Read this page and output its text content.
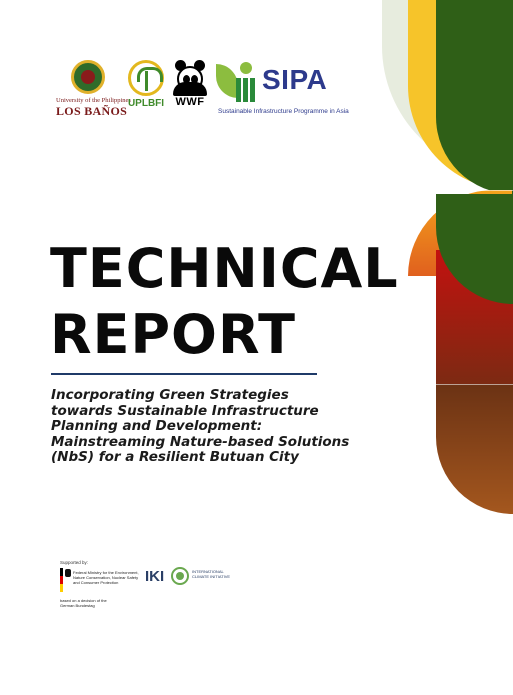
University of the Philippines
LOS BAÑOS
UPLBFI	WWF
SIPA
Sustainable Infrastructure Programme in Asia
TECHNICAL
REPORT
Incorporating Green Strategies towards Sustainable Infrastructure Planning and Development: Mainstreaming Nature-based Solutions (NbS) for a Resilient Butuan City
Supported by:
Federal Ministry for the Environment, Nature Conservation, Nuclear Safety and Consumer Protection
based on a decision of the German Bundestag
IKI	INTERNATIONAL CLIMATE INITIATIVE
